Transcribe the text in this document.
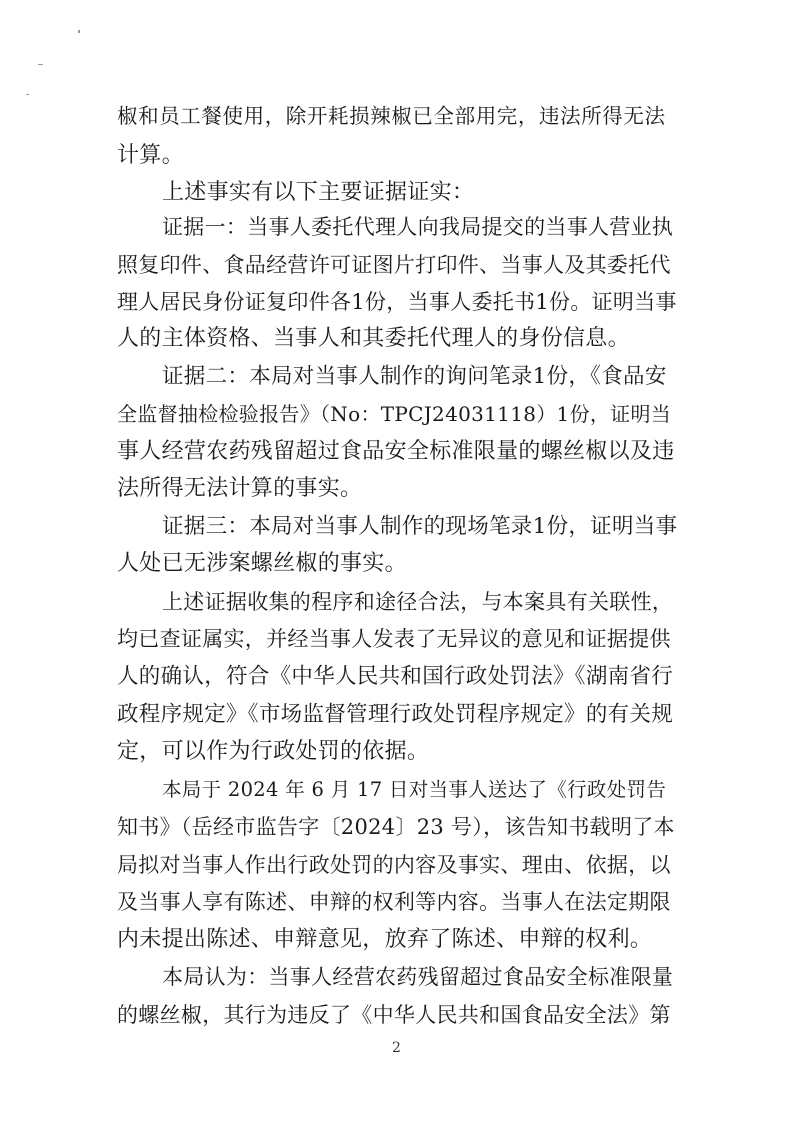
椒和员工餐使用，除开耗损辣椒已全部用完，违法所得无法
计算。
上述事实有以下主要证据证实：
证据一：当事人委托代理人向我局提交的当事人营业执
照复印件、食品经营许可证图片打印件、当事人及其委托代
理人居民身份证复印件各1份，当事人委托书1份。证明当事
人的主体资格、当事人和其委托代理人的身份信息。
证据二：本局对当事人制作的询问笔录1份，《食品安
全监督抽检检验报告》（No：TPCJ24031118）1份，证明当
事人经营农药残留超过食品安全标准限量的螺丝椒以及违
法所得无法计算的事实。
证据三：本局对当事人制作的现场笔录1份，证明当事
人处已无涉案螺丝椒的事实。
上述证据收集的程序和途径合法，与本案具有关联性，
均已查证属实，并经当事人发表了无异议的意见和证据提供
人的确认，符合《中华人民共和国行政处罚法》《湖南省行
政程序规定》《市场监督管理行政处罚程序规定》的有关规
定，可以作为行政处罚的依据。
本局于 2024 年 6 月 17 日对当事人送达了《行政处罚告
知书》（岳经市监告字〔2024〕23 号），该告知书载明了本
局拟对当事人作出行政处罚的内容及事实、理由、依据，以
及当事人享有陈述、申辩的权利等内容。当事人在法定期限
内未提出陈述、申辩意见，放弃了陈述、申辩的权利。
本局认为：当事人经营农药残留超过食品安全标准限量
的螺丝椒，其行为违反了《中华人民共和国食品安全法》第
2
